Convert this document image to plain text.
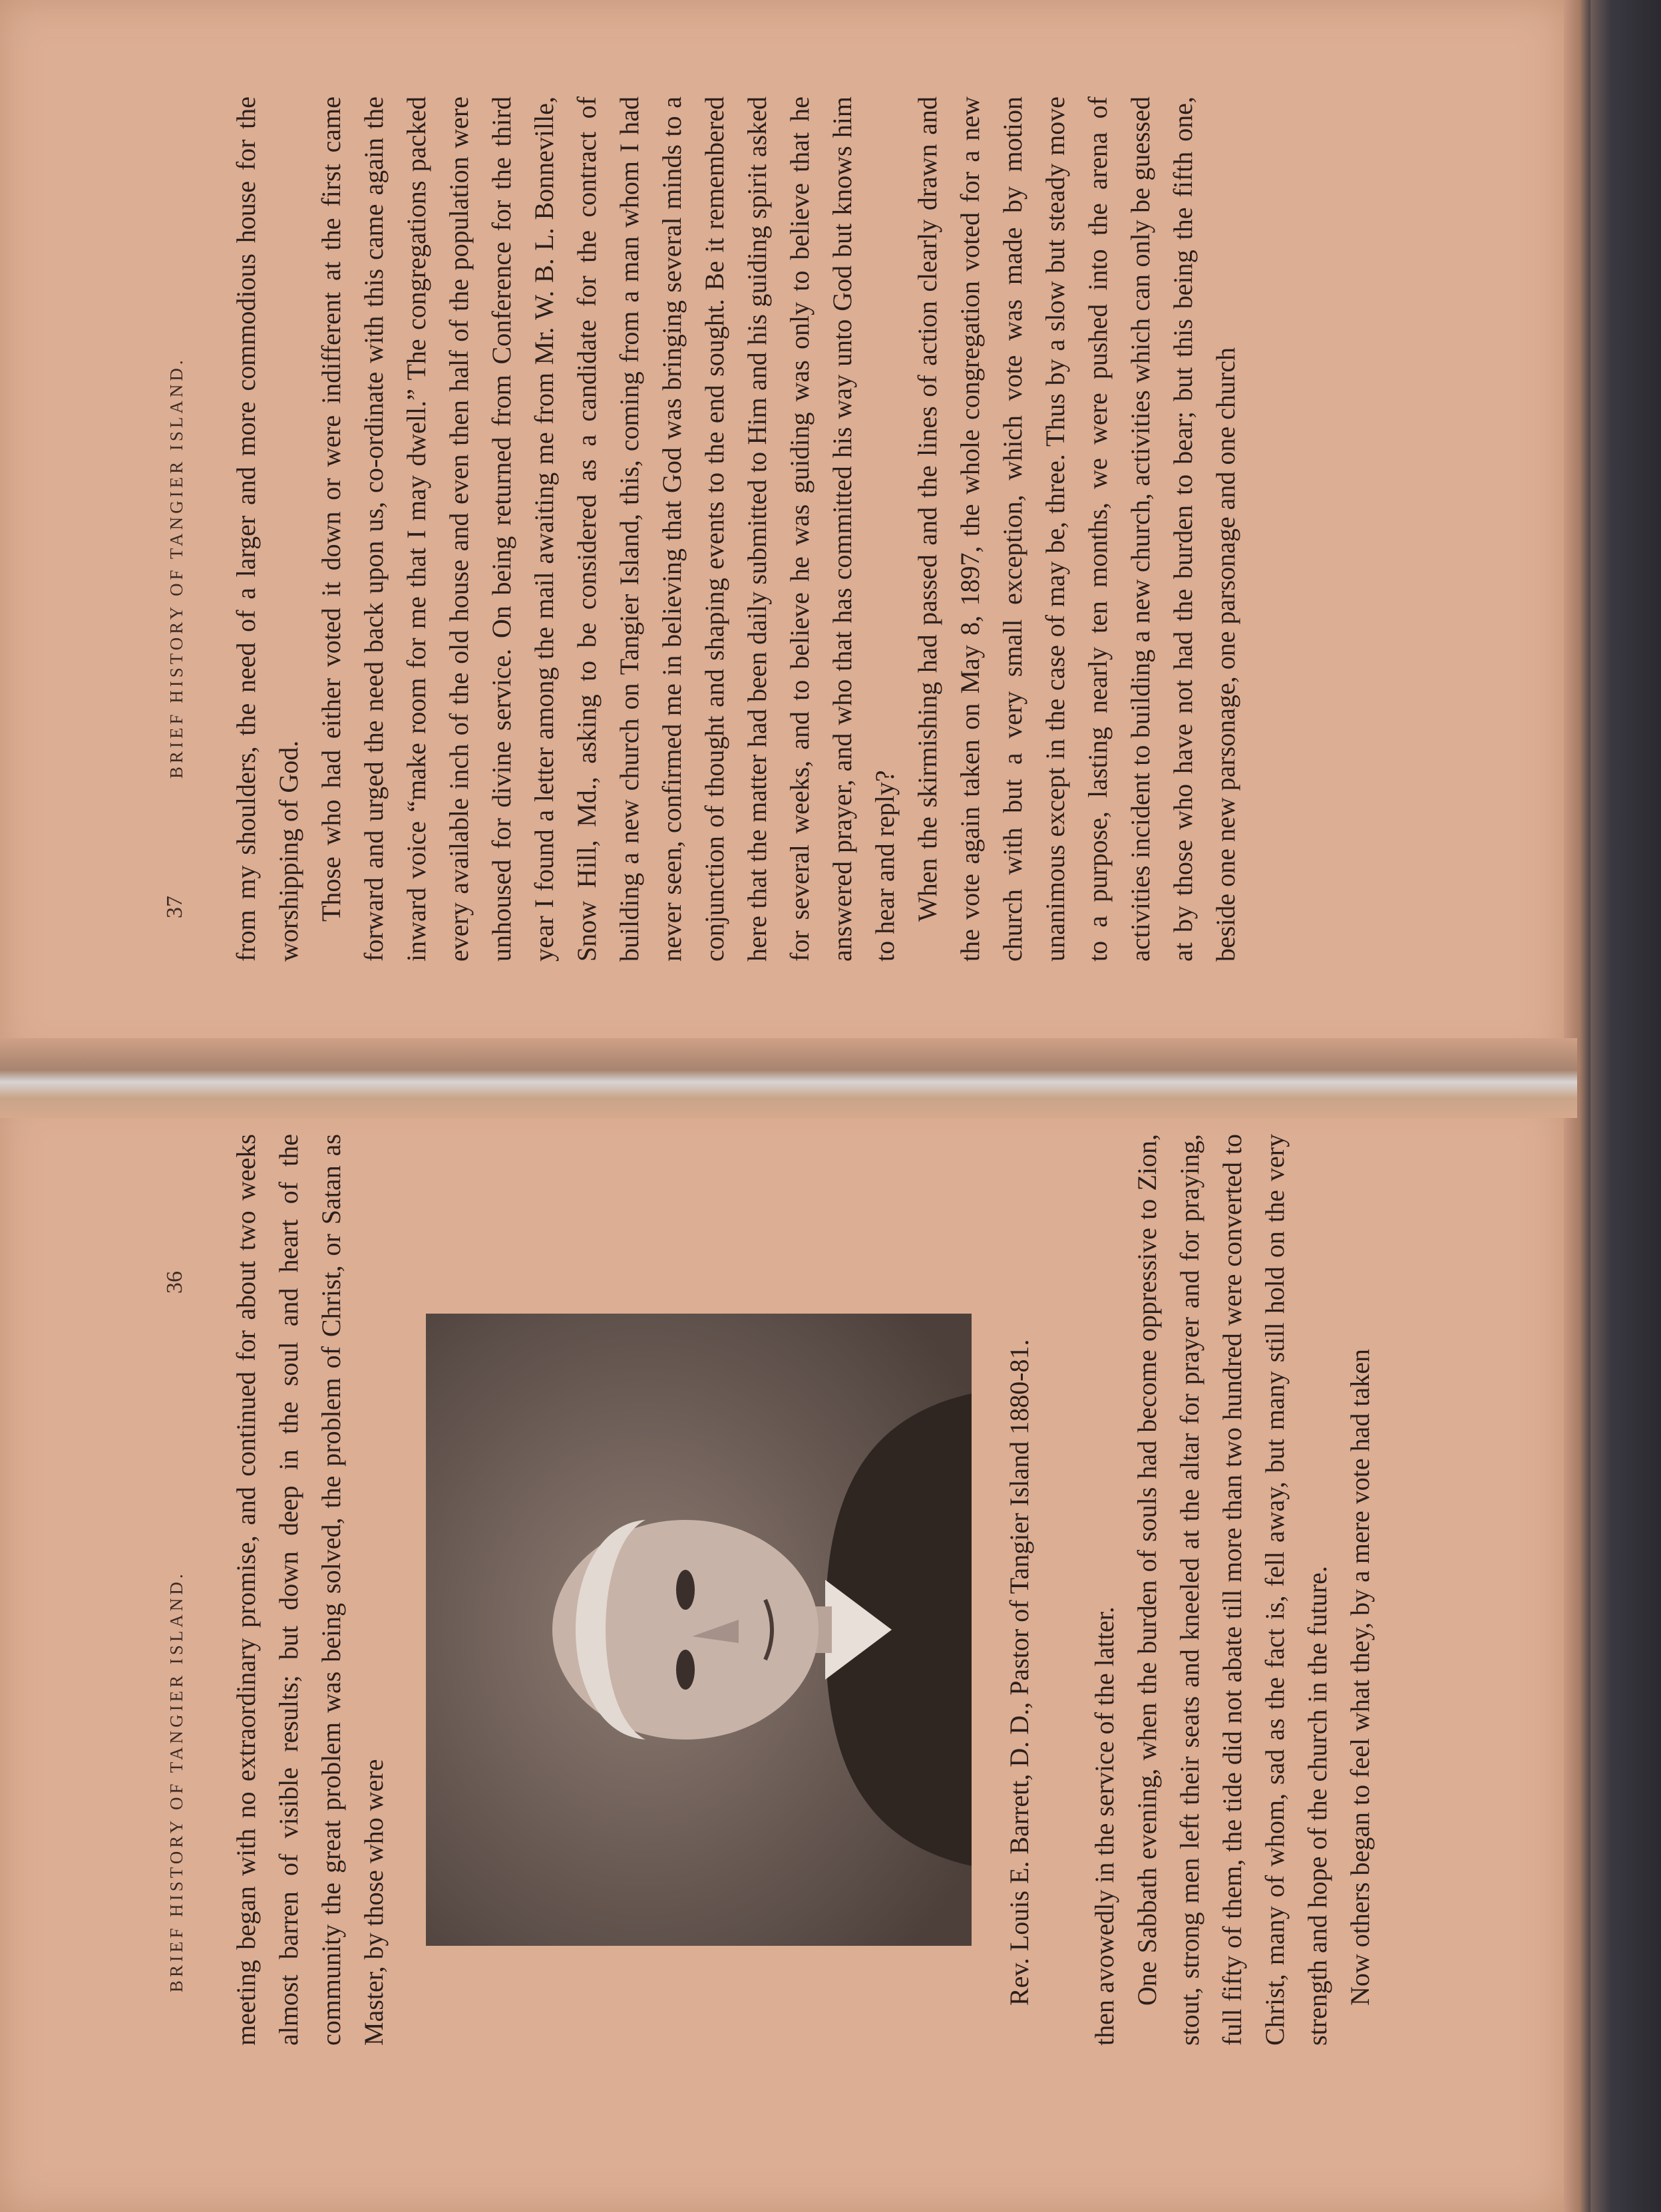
37
BRIEF HISTORY OF TANGIER ISLAND. from my shoulders, the need of a larger and more commodious house for the worshipping of God. Those who had either voted it down or were indifferent at the first came forward and urged the need back upon us, co-ordinate with this came again the inward voice “make room for me that I may dwell.” The congregations packed every available inch of the old house and even then half of the population were unhoused for divine service. On being returned from Conference for the third year I found a letter among the mail awaiting me from Mr. W. B. L. Bonneville, Snow Hill, Md., asking to be considered as a candidate for the contract of building a new church on Tangier Island, this, coming from a man whom I had never seen, confirmed me in believing that God was bringing several minds to a conjunction of thought and shaping events to the end sought. Be it remembered here that the matter had been daily submitted to Him and his guiding spirit asked for several weeks, and to believe he was guiding was only to believe that he answered prayer, and who that has committed his way unto God but knows him to hear and reply? When the skirmishing had passed and the lines of action clearly drawn and the vote again taken on May 8, 1897, the whole congregation voted for a new church with but a very small exception, which vote was made by motion unanimous except in the case of may be, three. Thus by a slow but steady move to a purpose, lasting nearly ten months, we were pushed into the arena of activities incident to building a new church, activities which can only be guessed at by those who have not had the burden to bear; but this being the fifth one, beside one new parsonage, one parsonage and one church

BRIEF HISTORY OF TANGIER ISLAND.
36 meeting began with no extraordinary promise, and continued for about two weeks almost barren of visible results; but down deep in the soul and heart of the community the great problem was being solved, the problem of Christ, or Satan as Master, by those who were	Rev. Louis E. Barrett, D. D., Pastor of Tangier Island 1880-81. then avowedly in the service of the latter. One Sabbath evening, when the burden of souls had become oppressive to Zion, stout, strong men left their seats and kneeled at the altar for prayer and for praying, full fifty of them, the tide did not abate till more than two hundred were converted to Christ, many of whom, sad as the fact is, fell away, but many still hold on the very strength and hope of the church in the future. Now others began to feel what they, by a mere vote had taken
